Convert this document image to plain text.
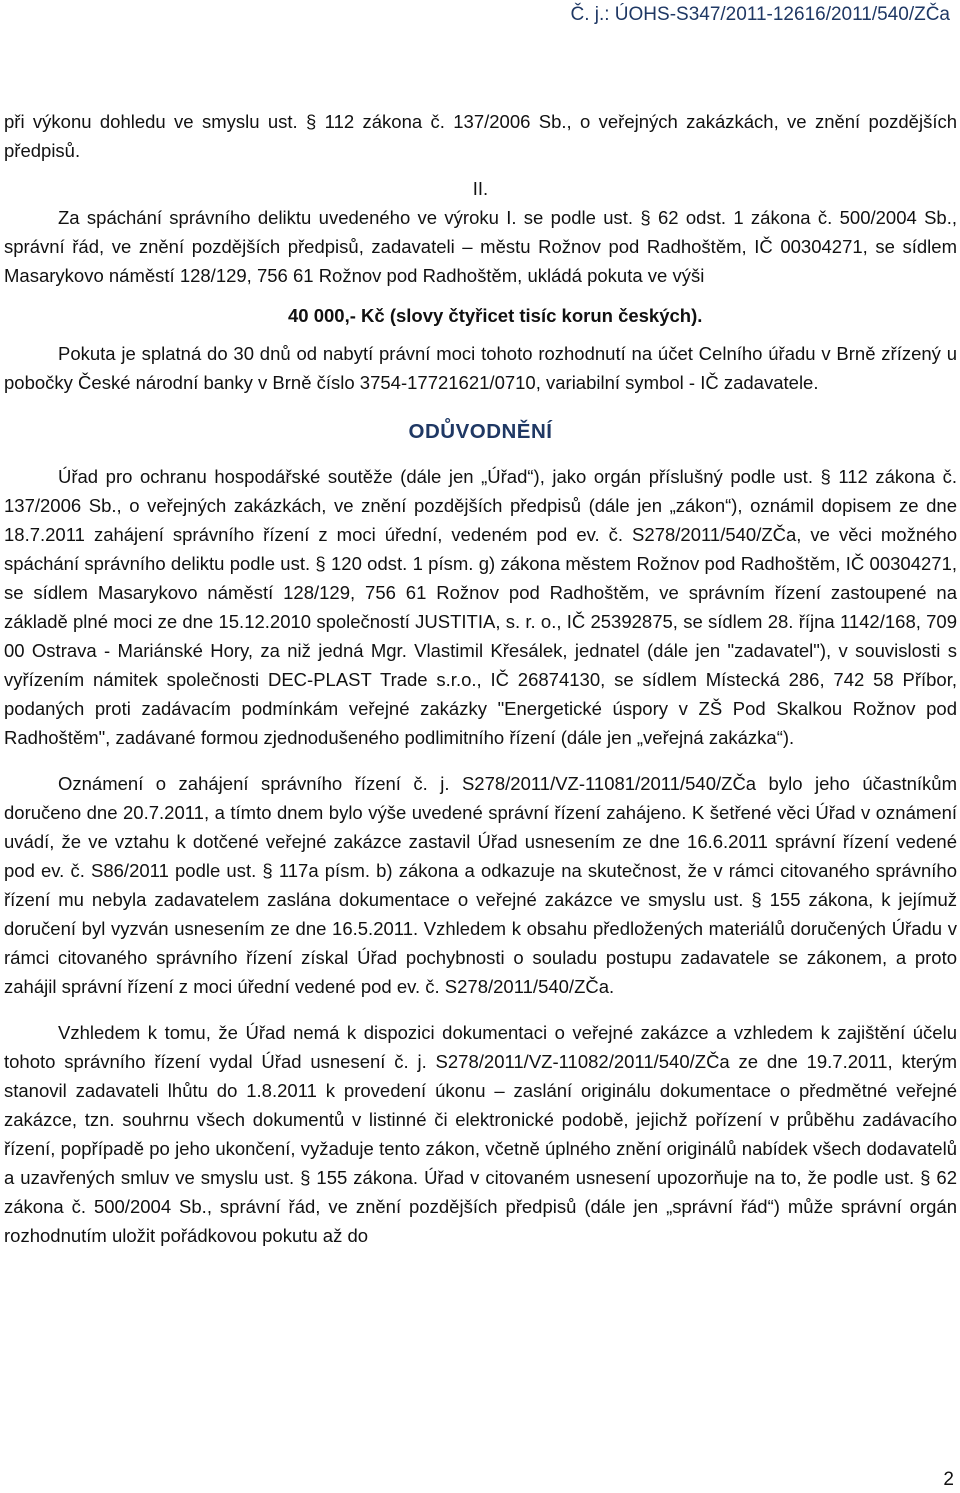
Č. j.: ÚOHS-S347/2011-12616/2011/540/ZČa

při výkonu dohledu ve smyslu ust. § 112 zákona č. 137/2006 Sb., o veřejných zakázkách, ve znění pozdějších předpisů.

II.

Za spáchání správního deliktu uvedeného ve výroku I. se podle ust. § 62 odst. 1 zákona č. 500/2004 Sb., správní řád, ve znění pozdějších předpisů, zadavateli – městu Rožnov pod Radhoštěm, IČ 00304271, se sídlem Masarykovo náměstí 128/129, 756 61 Rožnov pod Radhoštěm, ukládá pokuta ve výši

40 000,- Kč (slovy čtyřicet tisíc korun českých).

Pokuta je splatná do 30 dnů od nabytí právní moci tohoto rozhodnutí na účet Celního úřadu v Brně zřízený u pobočky České národní banky v Brně číslo 3754-17721621/0710, variabilní symbol - IČ zadavatele.

ODŮVODNĚNÍ

Úřad pro ochranu hospodářské soutěže (dále jen „Úřad“), jako orgán příslušný podle ust. § 112 zákona č. 137/2006 Sb., o veřejných zakázkách, ve znění pozdějších předpisů (dále jen „zákon“), oznámil dopisem ze dne 18.7.2011 zahájení správního řízení z moci úřední, vedeném pod ev. č. S278/2011/540/ZČa, ve věci možného spáchání správního deliktu podle ust. § 120 odst. 1 písm. g) zákona městem Rožnov pod Radhoštěm, IČ 00304271, se sídlem Masarykovo náměstí 128/129, 756 61 Rožnov pod Radhoštěm, ve správním řízení zastoupené na základě plné moci ze dne 15.12.2010 společností JUSTITIA, s. r. o., IČ 25392875, se sídlem 28. října 1142/168, 709 00 Ostrava - Mariánské Hory, za niž jedná Mgr. Vlastimil Křesálek, jednatel (dále jen "zadavatel"), v souvislosti s vyřízením námitek společnosti DEC-PLAST Trade s.r.o., IČ 26874130, se sídlem Místecká 286, 742 58 Příbor, podaných proti zadávacím podmínkám veřejné zakázky "Energetické úspory v ZŠ Pod Skalkou Rožnov pod Radhoštěm", zadávané formou zjednodušeného podlimitního řízení (dále jen „veřejná zakázka“).

Oznámení o zahájení správního řízení č. j. S278/2011/VZ-11081/2011/540/ZČa bylo jeho účastníkům doručeno dne 20.7.2011, a tímto dnem bylo výše uvedené správní řízení zahájeno. K šetřené věci Úřad v oznámení uvádí, že ve vztahu k dotčené veřejné zakázce zastavil Úřad usnesením ze dne 16.6.2011 správní řízení vedené pod ev. č. S86/2011 podle ust. § 117a písm. b) zákona a odkazuje na skutečnost, že v rámci citovaného správního řízení mu nebyla zadavatelem zaslána dokumentace o veřejné zakázce ve smyslu ust. § 155 zákona, k jejímuž doručení byl vyzván usnesením ze dne 16.5.2011. Vzhledem k obsahu předložených materiálů doručených Úřadu v rámci citovaného správního řízení získal Úřad pochybnosti o souladu postupu zadavatele se zákonem, a proto zahájil správní řízení z moci úřední vedené pod ev. č. S278/2011/540/ZČa.

Vzhledem k tomu, že Úřad nemá k dispozici dokumentaci o veřejné zakázce a vzhledem k zajištění účelu tohoto správního řízení vydal Úřad usnesení č. j. S278/2011/VZ-11082/2011/540/ZČa ze dne 19.7.2011, kterým stanovil zadavateli lhůtu do 1.8.2011 k provedení úkonu – zaslání originálu dokumentace o předmětné veřejné zakázce, tzn. souhrnu všech dokumentů v listinné či elektronické podobě, jejichž pořízení v průběhu zadávacího řízení, popřípadě po jeho ukončení, vyžaduje tento zákon, včetně úplného znění originálů nabídek všech dodavatelů a uzavřených smluv ve smyslu ust. § 155 zákona. Úřad v citovaném usnesení upozorňuje na to, že podle ust. § 62 zákona č. 500/2004 Sb., správní řád, ve znění pozdějších předpisů (dále jen „správní řád“) může správní orgán rozhodnutím uložit pořádkovou pokutu až do

2
